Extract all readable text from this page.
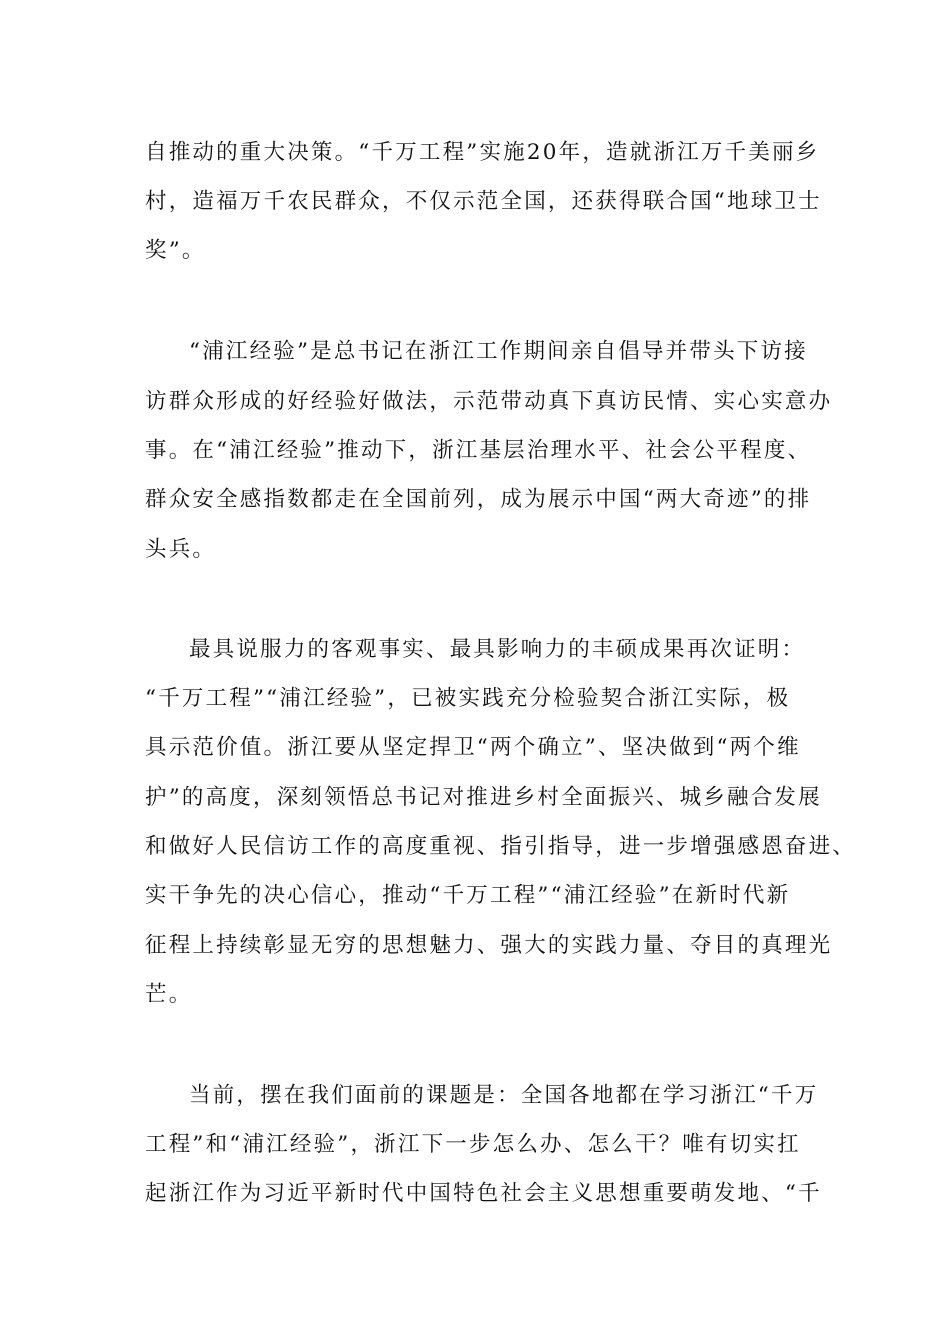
自推动的重大决策。“千万工程”实施20年，造就浙江万千美丽乡
村，造福万千农民群众，不仅示范全国，还获得联合国“地球卫士
奖”。
“浦江经验”是总书记在浙江工作期间亲自倡导并带头下访接
访群众形成的好经验好做法，示范带动真下真访民情、实心实意办
事。在“浦江经验”推动下，浙江基层治理水平、社会公平程度、
群众安全感指数都走在全国前列，成为展示中国“两大奇迹”的排
头兵。
最具说服力的客观事实、最具影响力的丰硕成果再次证明：
“千万工程”“浦江经验”，已被实践充分检验契合浙江实际，极
具示范价值。浙江要从坚定捍卫“两个确立”、坚决做到“两个维
护”的高度，深刻领悟总书记对推进乡村全面振兴、城乡融合发展
和做好人民信访工作的高度重视、指引指导，进一步增强感恩奋进、
实干争先的决心信心，推动“千万工程”“浦江经验”在新时代新
征程上持续彰显无穷的思想魅力、强大的实践力量、夺目的真理光
芒。
当前，摆在我们面前的课题是：全国各地都在学习浙江“千万
工程”和“浦江经验”，浙江下一步怎么办、怎么干？唯有切实扛
起浙江作为习近平新时代中国特色社会主义思想重要萌发地、“千
